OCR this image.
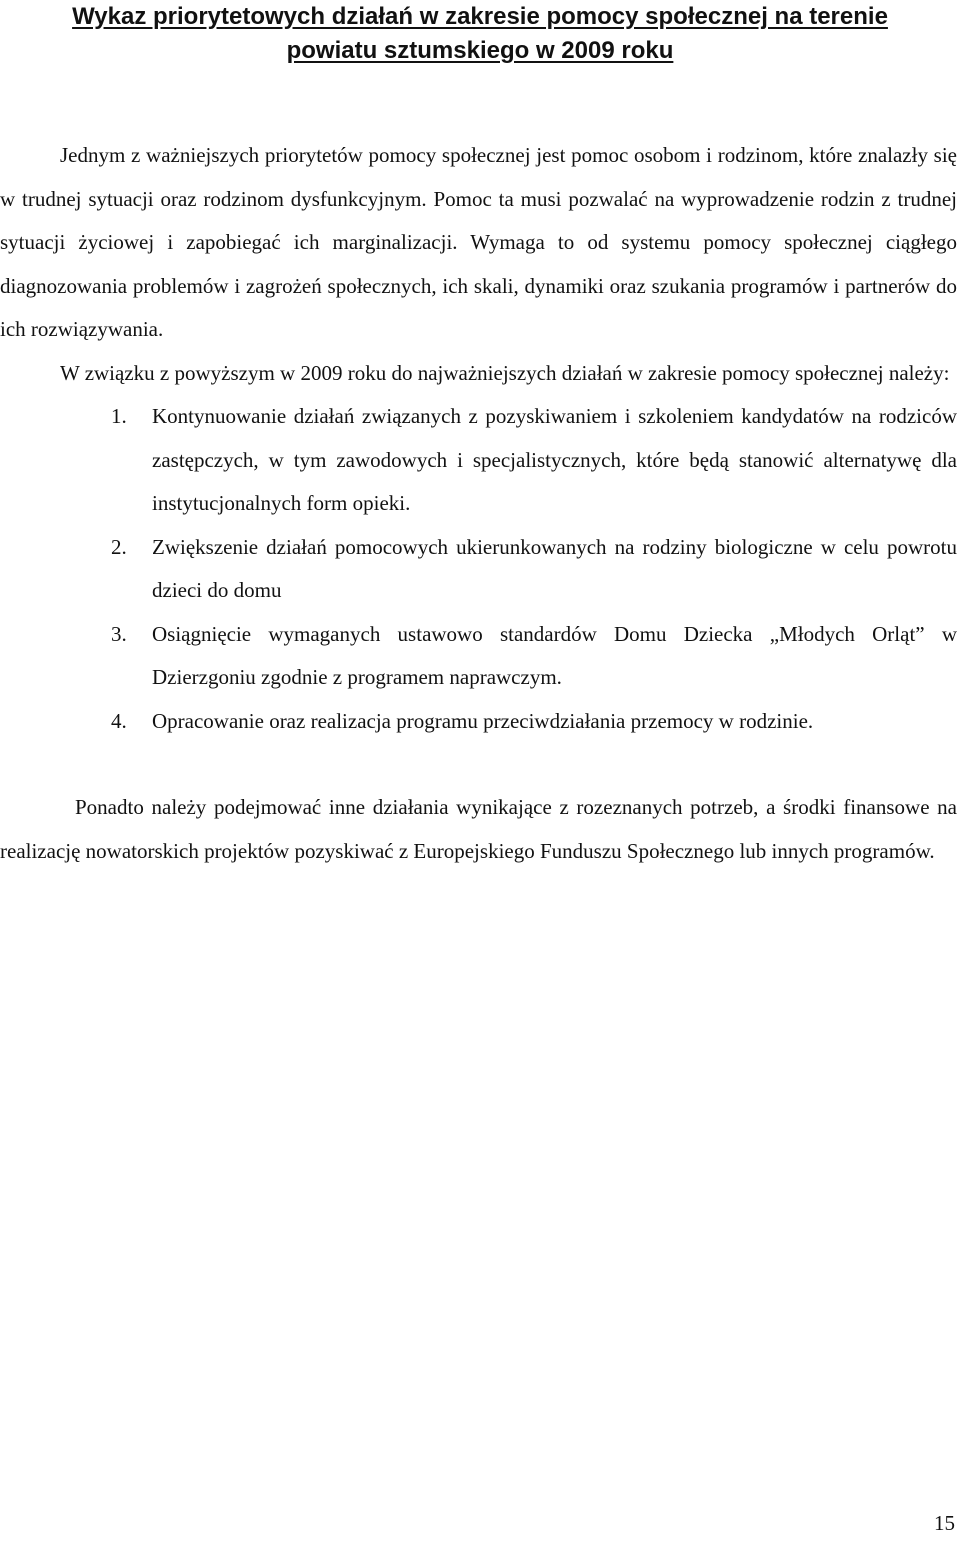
Wykaz priorytetowych działań w zakresie pomocy społecznej na terenie
powiatu sztumskiego w 2009 roku

Jednym z ważniejszych priorytetów pomocy społecznej jest pomoc osobom i rodzinom, które znalazły się w trudnej sytuacji oraz rodzinom dysfunkcyjnym. Pomoc ta musi pozwalać na wyprowadzenie rodzin z trudnej sytuacji życiowej i zapobiegać ich marginalizacji. Wymaga to od systemu pomocy społecznej ciągłego diagnozowania problemów i zagrożeń społecznych, ich skali, dynamiki oraz szukania programów i partnerów do ich rozwiązywania.

W związku z powyższym w 2009 roku do najważniejszych działań w zakresie pomocy społecznej należy:

1. Kontynuowanie działań związanych z pozyskiwaniem i szkoleniem kandydatów na rodziców zastępczych, w tym zawodowych i specjalistycznych, które będą stanowić alternatywę dla instytucjonalnych form opieki.
2. Zwiększenie działań pomocowych ukierunkowanych na rodziny biologiczne w celu powrotu dzieci do domu
3. Osiągnięcie wymaganych ustawowo standardów Domu Dziecka „Młodych Orląt” w Dzierzgoniu zgodnie z programem naprawczym.
4. Opracowanie oraz realizacja programu przeciwdziałania przemocy w rodzinie.

Ponadto należy podejmować inne działania wynikające z rozeznanych potrzeb, a środki finansowe na realizację nowatorskich projektów pozyskiwać z Europejskiego Funduszu Społecznego lub innych programów.

15
